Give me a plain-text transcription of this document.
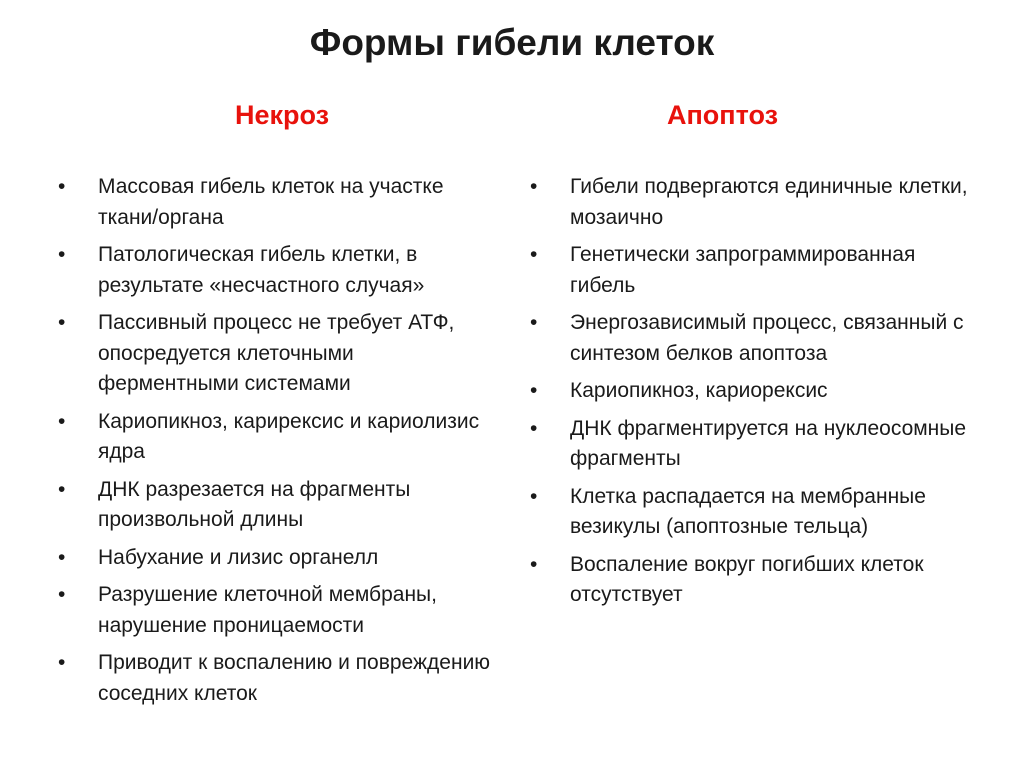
Формы гибели клеток
Некроз	Апоптоз
• Массовая гибель клеток на участке ткани/органа
• Патологическая гибель клетки, в результате «несчастного случая»
• Пассивный процесс не требует АТФ, опосредуется клеточными ферментными системами
• Кариопикноз, карирексис и кариолизис ядра
• ДНК разрезается на фрагменты произвольной длины
• Набухание и лизис органелл
• Разрушение клеточной мембраны, нарушение проницаемости
• Приводит к воспалению и повреждению соседних клеток
• Гибели подвергаются единичные клетки, мозаично
• Генетически запрограммированная гибель
• Энергозависимый процесс, связанный с синтезом белков апоптоза
• Кариопикноз, кариорексис
• ДНК фрагментируется на нуклеосомные фрагменты
• Клетка распадается на мембранные везикулы (апоптозные тельца)
• Воспаление вокруг погибших клеток отсутствует
